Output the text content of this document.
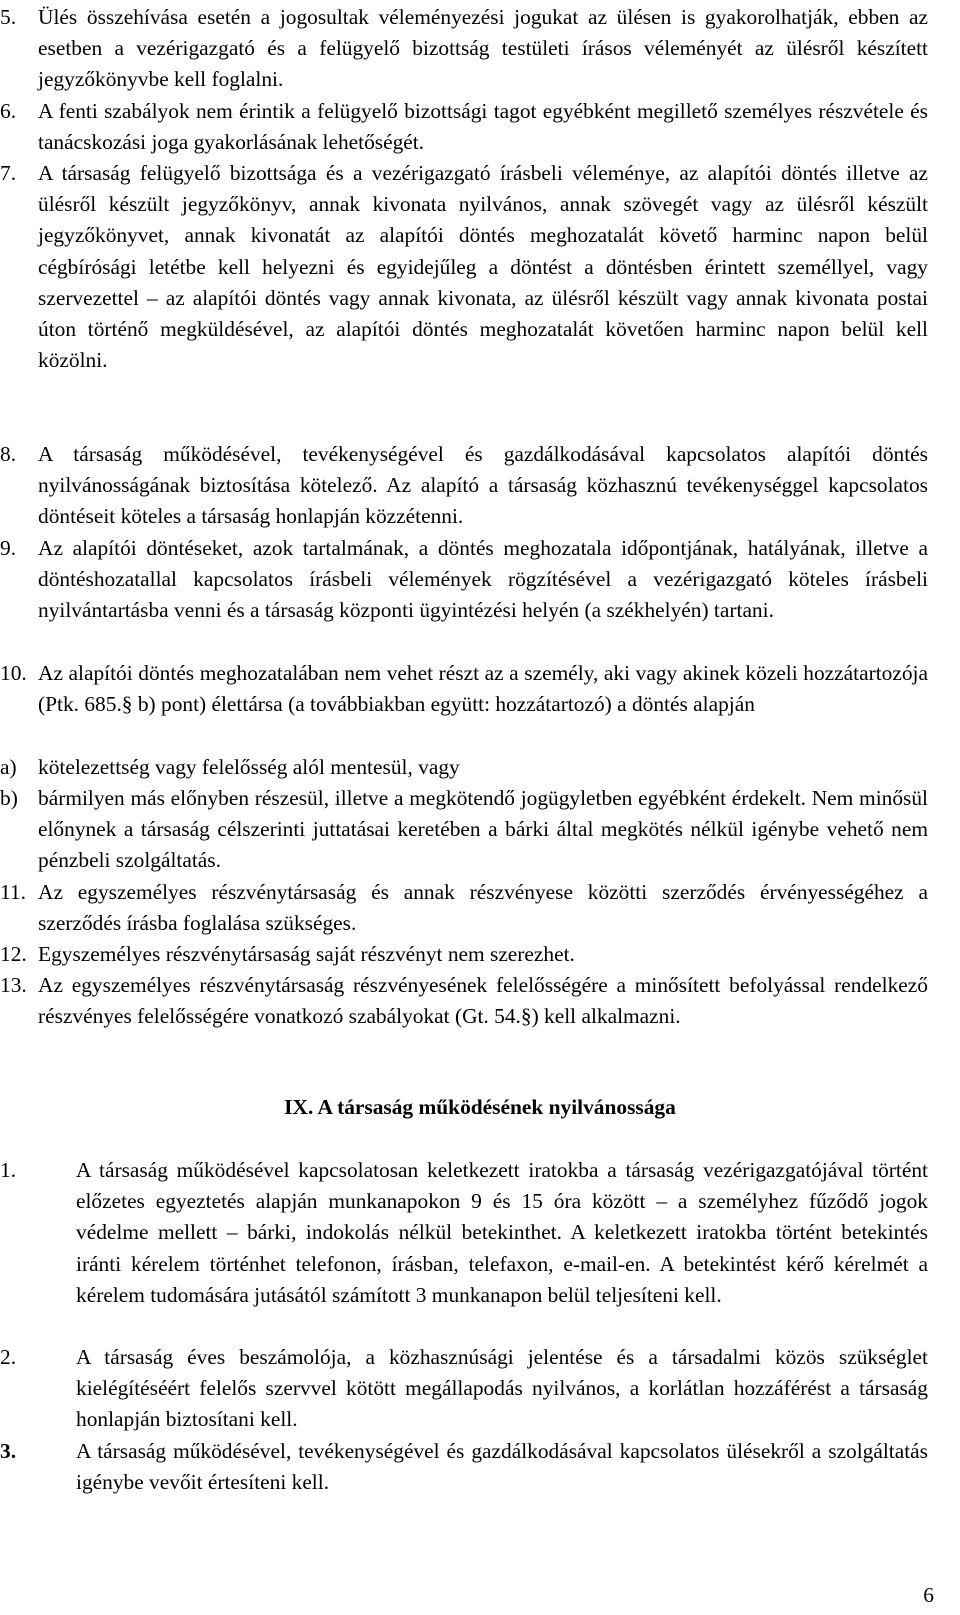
5. Ülés összehívása esetén a jogosultak véleményezési jogukat az ülésen is gyakorolhatják, ebben az esetben a vezérigazgató és a felügyelő bizottság testületi írásos véleményét az ülésről készített jegyzőkönyvbe kell foglalni.
6. A fenti szabályok nem érintik a felügyelő bizottsági tagot egyébként megillető személyes részvétele és tanácskozási joga gyakorlásának lehetőségét.
7. A társaság felügyelő bizottsága és a vezérigazgató írásbeli véleménye, az alapítói döntés illetve az ülésről készült jegyzőkönyv, annak kivonata nyilvános, annak szövegét vagy az ülésről készült jegyzőkönyvet, annak kivonatát az alapítói döntés meghozatalát követő harminc napon belül cégbírósági letétbe kell helyezni és egyidejűleg a döntést a döntésben érintett személlyel, vagy szervezettel – az alapítói döntés vagy annak kivonata, az ülésről készült vagy annak kivonata postai úton történő megküldésével, az alapítói döntés meghozatalát követően harminc napon belül kell közölni.
8. A társaság működésével, tevékenységével és gazdálkodásával kapcsolatos alapítói döntés nyilvánosságának biztosítása kötelező. Az alapító a társaság közhasznú tevékenységgel kapcsolatos döntéseit köteles a társaság honlapján közzétenni.
9. Az alapítói döntéseket, azok tartalmának, a döntés meghozatala időpontjának, hatályának, illetve a döntéshozatallal kapcsolatos írásbeli vélemények rögzítésével a vezérigazgató köteles írásbeli nyilvántartásba venni és a társaság központi ügyintézési helyén (a székhelyén) tartani.
10. Az alapítói döntés meghozatalában nem vehet részt az a személy, aki vagy akinek közeli hozzátartozója (Ptk. 685.§ b) pont) élettársa (a továbbiakban együtt: hozzátartozó) a döntés alapján
a) kötelezettség vagy felelősség alól mentesül, vagy
b) bármilyen más előnyben részesül, illetve a megkötendő jogügyletben egyébként érdekelt. Nem minősül előnynek a társaság célszerinti juttatásai keretében a bárki által megkötés nélkül igénybe vehető nem pénzbeli szolgáltatás.
11. Az egyszemélyes részvénytársaság és annak részvényese közötti szerződés érvényességéhez a szerződés írásba foglalása szükséges.
12. Egyszemélyes részvénytársaság saját részvényt nem szerezhet.
13. Az egyszemélyes részvénytársaság részvényesének felelősségére a minősített befolyással rendelkező részvényes felelősségére vonatkozó szabályokat (Gt. 54.§) kell alkalmazni.
IX. A társaság működésének nyilvánossága
1.	A társaság működésével kapcsolatosan keletkezett iratokba a társaság vezérigazgatójával történt előzetes egyeztetés alapján munkanapokon 9 és 15 óra között – a személyhez fűződő jogok védelme mellett – bárki, indokolás nélkül betekinthet. A keletkezett iratokba történt betekintés iránti kérelem történhet telefonon, írásban, telefaxon, e-mail-en. A betekintést kérő kérelmét a kérelem tudomására jutásától számított 3 munkanapon belül teljesíteni kell.
2.	A társaság éves beszámolója, a közhasznúsági jelentése és a társadalmi közös szükséglet kielégítéséért felelős szervvel kötött megállapodás nyilvános, a korlátlan hozzáférést a társaság honlapján biztosítani kell.
3.	A társaság működésével, tevékenységével és gazdálkodásával kapcsolatos ülésekről a szolgáltatás igénybe vevőit értesíteni kell.
6
